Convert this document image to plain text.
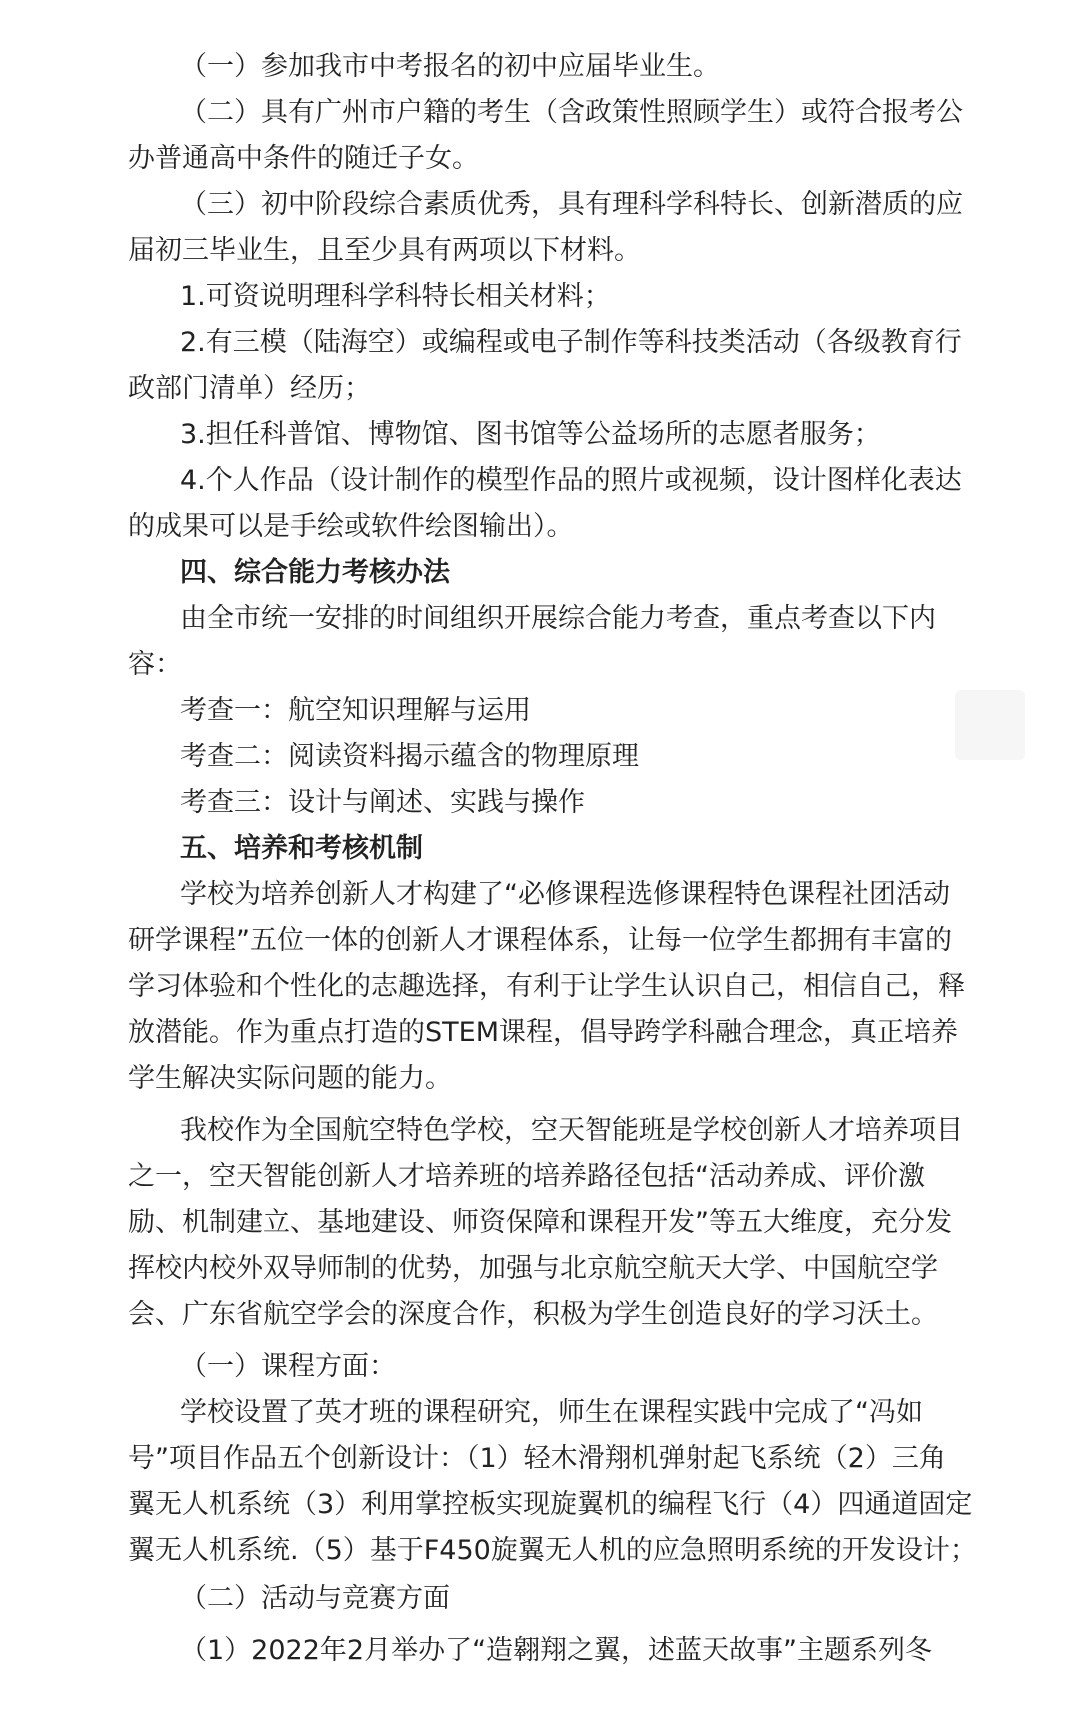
（一）参加我市中考报名的初中应届毕业生。
（二）具有广州市户籍的考生（含政策性照顾学生）或符合报考公
办普通高中条件的随迁子女。
（三）初中阶段综合素质优秀，具有理科学科特长、创新潜质的应
届初三毕业生，且至少具有两项以下材料。
1.可资说明理科学科特长相关材料；
2.有三模（陆海空）或编程或电子制作等科技类活动（各级教育行
政部门清单）经历；
3.担任科普馆、博物馆、图书馆等公益场所的志愿者服务；
4.个人作品（设计制作的模型作品的照片或视频，设计图样化表达
的成果可以是手绘或软件绘图输出）。
四、综合能力考核办法
由全市统一安排的时间组织开展综合能力考查，重点考查以下内
容：
考查一：航空知识理解与运用
考查二：阅读资料揭示蕴含的物理原理
考查三：设计与阐述、实践与操作
五、培养和考核机制
学校为培养创新人才构建了“必修课程选修课程特色课程社团活动
研学课程”五位一体的创新人才课程体系，让每一位学生都拥有丰富的
学习体验和个性化的志趣选择，有利于让学生认识自己，相信自己，释
放潜能。作为重点打造的STEM课程，倡导跨学科融合理念，真正培养
学生解决实际问题的能力。
我校作为全国航空特色学校，空天智能班是学校创新人才培养项目
之一，空天智能创新人才培养班的培养路径包括“活动养成、评价激
励、机制建立、基地建设、师资保障和课程开发”等五大维度，充分发
挥校内校外双导师制的优势，加强与北京航空航天大学、中国航空学
会、广东省航空学会的深度合作，积极为学生创造良好的学习沃土。
（一）课程方面：
学校设置了英才班的课程研究，师生在课程实践中完成了“冯如
号”项目作品五个创新设计：（1）轻木滑翔机弹射起飞系统（2）三角
翼无人机系统（3）利用掌控板实现旋翼机的编程飞行（4）四通道固定
翼无人机系统.（5）基于F450旋翼无人机的应急照明系统的开发设计；
（二）活动与竞赛方面
（1）2022年2月举办了“造翱翔之翼，述蓝天故事”主题系列冬
